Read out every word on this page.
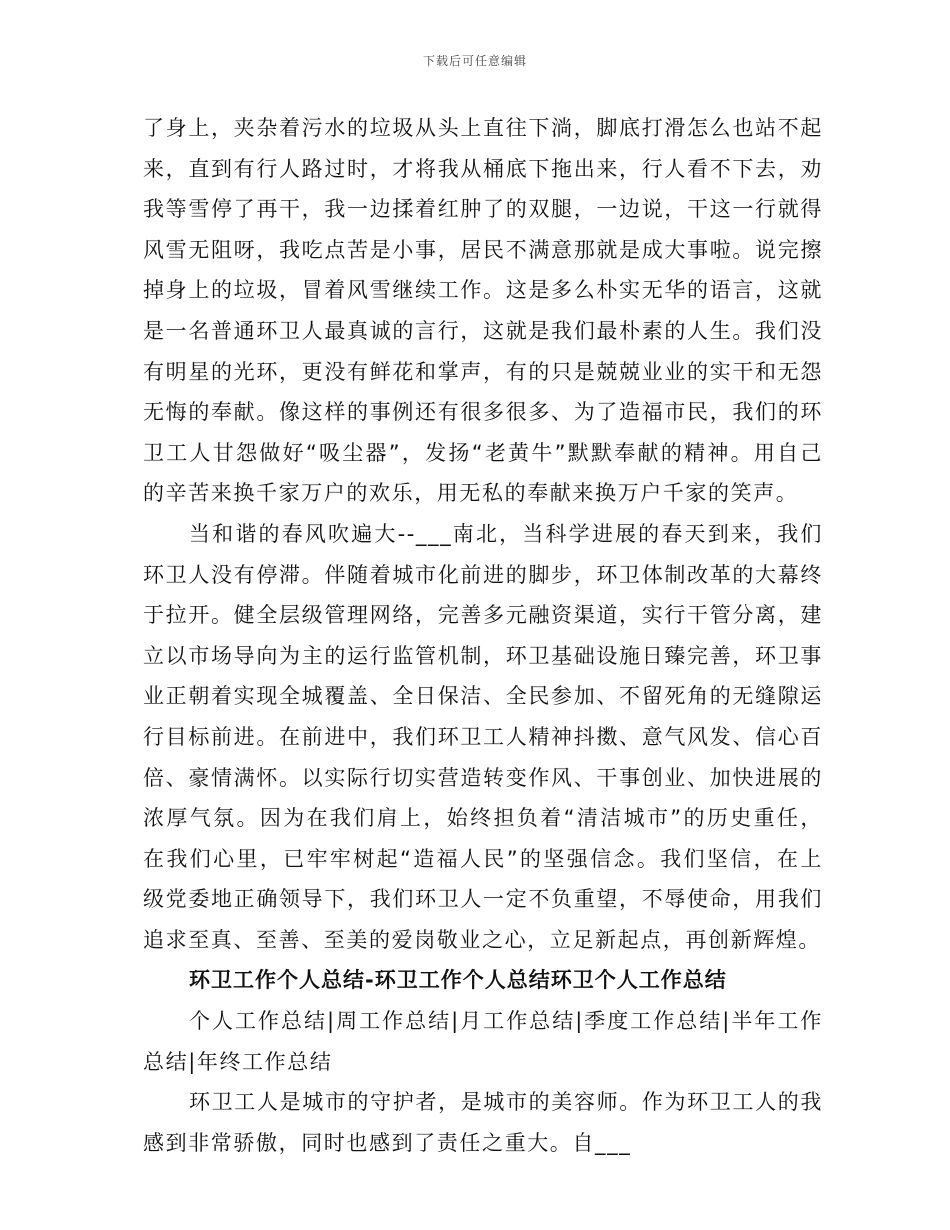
下载后可任意编辑

了身上，夹杂着污水的垃圾从头上直往下淌，脚底打滑怎么也站不起来，直到有行人路过时，才将我从桶底下拖出来，行人看不下去，劝我等雪停了再干，我一边揉着红肿了的双腿，一边说，干这一行就得风雪无阻呀，我吃点苦是小事，居民不满意那就是成大事啦。说完擦掉身上的垃圾，冒着风雪继续工作。这是多么朴实无华的语言，这就是一名普通环卫人最真诚的言行，这就是我们最朴素的人生。我们没有明星的光环，更没有鲜花和掌声，有的只是兢兢业业的实干和无怨无悔的奉献。像这样的事例还有很多很多、为了造福市民，我们的环卫工人甘怨做好“吸尘器”，发扬“老黄牛”默默奉献的精神。用自己的辛苦来换千家万户的欢乐，用无私的奉献来换万户千家的笑声。

当和谐的春风吹遍大--___南北，当科学进展的春天到来，我们环卫人没有停滞。伴随着城市化前进的脚步，环卫体制改革的大幕终于拉开。健全层级管理网络，完善多元融资渠道，实行干管分离，建立以市场导向为主的运行监管机制，环卫基础设施日臻完善，环卫事业正朝着实现全城覆盖、全日保洁、全民参加、不留死角的无缝隙运行目标前进。在前进中，我们环卫工人精神抖擞、意气风发、信心百倍、豪情满怀。以实际行切实营造转变作风、干事创业、加快进展的浓厚气氛。因为在我们肩上，始终担负着“清洁城市”的历史重任，在我们心里，已牢牢树起“造福人民”的坚强信念。我们坚信，在上级党委地正确领导下，我们环卫人一定不负重望，不辱使命，用我们追求至真、至善、至美的爱岗敬业之心，立足新起点，再创新辉煌。

环卫工作个人总结-环卫工作个人总结环卫个人工作总结

个人工作总结|周工作总结|月工作总结|季度工作总结|半年工作总结|年终工作总结

环卫工人是城市的守护者，是城市的美容师。作为环卫工人的我感到非常骄傲，同时也感到了责任之重大。自___
